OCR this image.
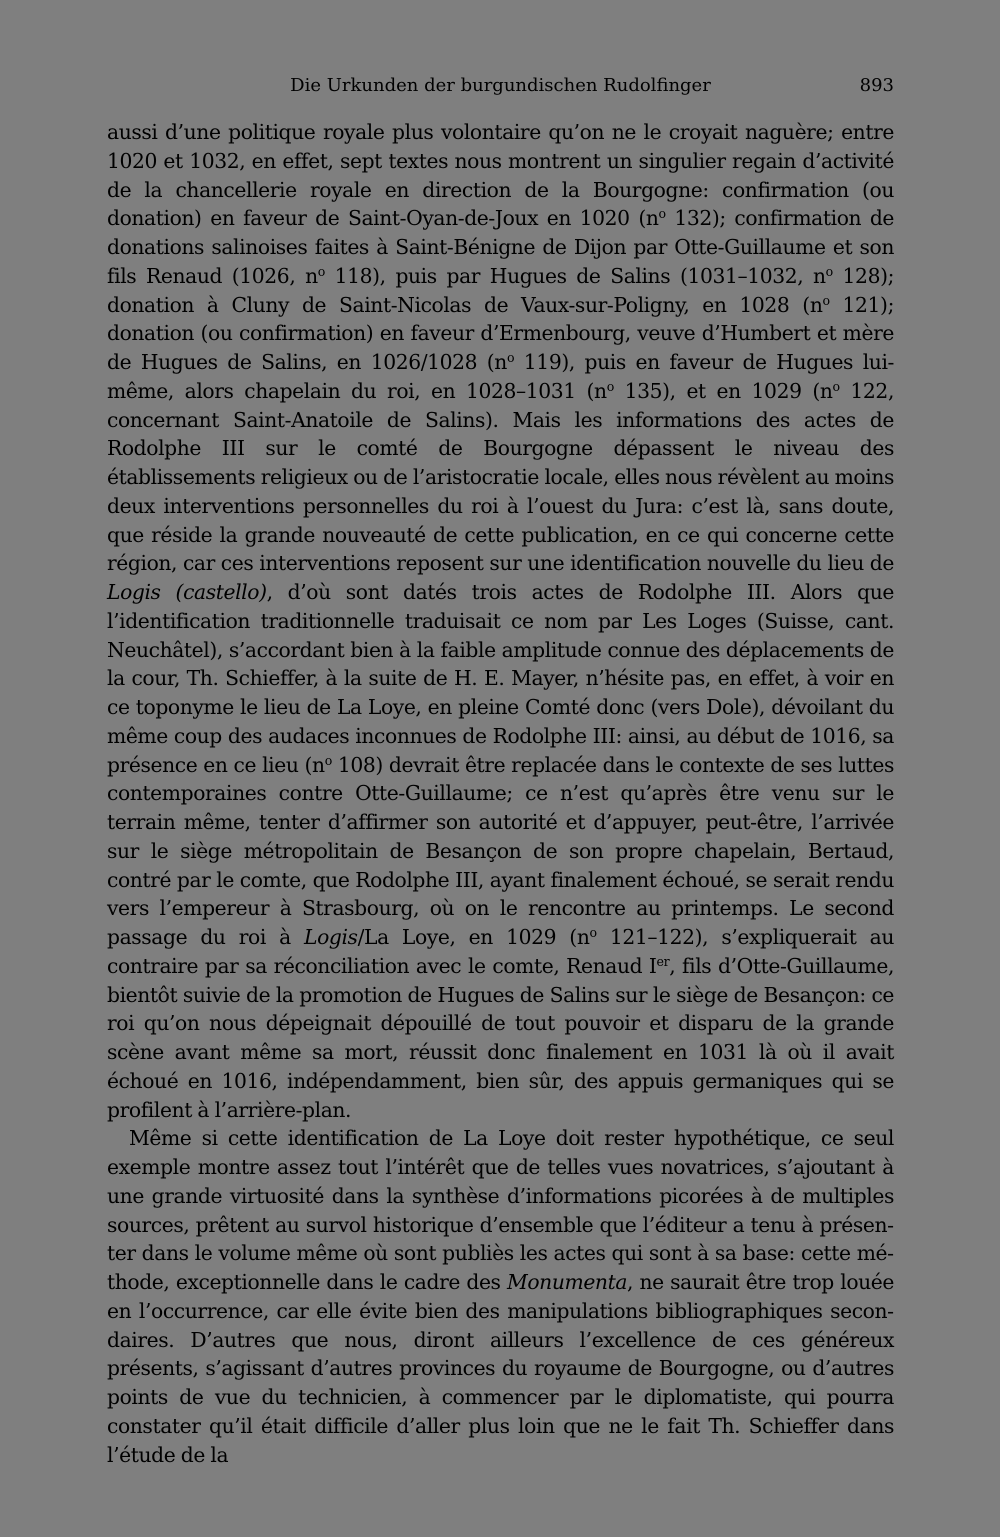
Die Urkunden der burgundischen Rudolfinger	893

aussi d’une politique royale plus volontaire qu’on ne le croyait naguère; entre 1020 et 1032, en effet, sept textes nous montrent un singulier regain d’activité de la chancellerie royale en direction de la Bourgogne: confirmation (ou donation) en faveur de Saint-Oyan-de-Joux en 1020 ($n^o$ 132); confirmation de donations salinoises faites à Saint-Bénigne de Dijon par Otte-Guillaume et son fils Renaud (1026, $n^o$ 118), puis par Hugues de Salins (1031–1032, $n^o$ 128); donation à Cluny de Saint-Nicolas de Vaux-sur-Poligny, en 1028 ($n^o$ 121); donation (ou confirmation) en faveur d’Ermenbourg, veuve d’Humbert et mère de Hugues de Salins, en 1026/1028 ($n^o$ 119), puis en faveur de Hugues lui-même, alors chapelain du roi, en 1028–1031 ($n^o$ 135), et en 1029 ($n^o$ 122, concernant Saint-Anatoile de Salins). Mais les informations des actes de Rodolphe III sur le comté de Bourgogne dépassent le niveau des établissements religieux ou de l’aristocratie locale, elles nous révèlent au moins deux interventions personnelles du roi à l’ouest du Jura: c’est là, sans doute, que réside la grande nouveauté de cette publication, en ce qui concerne cette région, car ces interventions reposent sur une identification nouvelle du lieu de Logis (castello), d’où sont datés trois actes de Rodolphe III. Alors que l’identification traditionnelle traduisait ce nom par Les Loges (Suisse, cant. Neuchâtel), s’accordant bien à la faible amplitude connue des déplacements de la cour, Th. Schieffer, à la suite de H. E. Mayer, n’hésite pas, en effet, à voir en ce toponyme le lieu de La Loye, en pleine Comté donc (vers Dole), dévoilant du même coup des audaces inconnues de Rodolphe III: ainsi, au début de 1016, sa présence en ce lieu ($n^o$ 108) devrait être replacée dans le contexte de ses luttes contemporaines contre Otte-Guillaume; ce n’est qu’après être venu sur le terrain même, tenter d’affirmer son autorité et d’appuyer, peut-être, l’arrivée sur le siège métropolitain de Besançon de son propre chapelain, Bertaud, contré par le comte, que Rodolphe III, ayant finalement échoué, se serait rendu vers l’empereur à Strasbourg, où on le rencontre au printemps. Le second passage du roi à Logis/La Loye, en 1029 ($n^o$ 121–122), s’expliquerait au contraire par sa réconciliation avec le comte, Renaud Ier, fils d’Otte-Guillaume, bientôt suivie de la promotion de Hugues de Salins sur le siège de Besançon: ce roi qu’on nous dépeignait dépouillé de tout pouvoir et disparu de la grande scène avant même sa mort, réussit donc finalement en 1031 là où il avait échoué en 1016, indépendamment, bien sûr, des appuis germaniques qui se profilent à l’arrière-plan.

Même si cette identification de La Loye doit rester hypothétique, ce seul exemple montre assez tout l’intérêt que de telles vues novatrices, s’ajoutant à une grande virtuosité dans la synthèse d’informations picorées à de multiples sources, prêtent au survol historique d’ensemble que l’éditeur a tenu à présenter dans le volume même où sont publiès les actes qui sont à sa base: cette méthode, exceptionnelle dans le cadre des Monumenta, ne saurait être trop louée en l’occurrence, car elle évite bien des manipulations bibliographiques secondaires. D’autres que nous, diront ailleurs l’excellence de ces généreux présents, s’agissant d’autres provinces du royaume de Bourgogne, ou d’autres points de vue du technicien, à commencer par le diplomatiste, qui pourra constater qu’il était difficile d’aller plus loin que ne le fait Th. Schieffer dans l’étude de la
